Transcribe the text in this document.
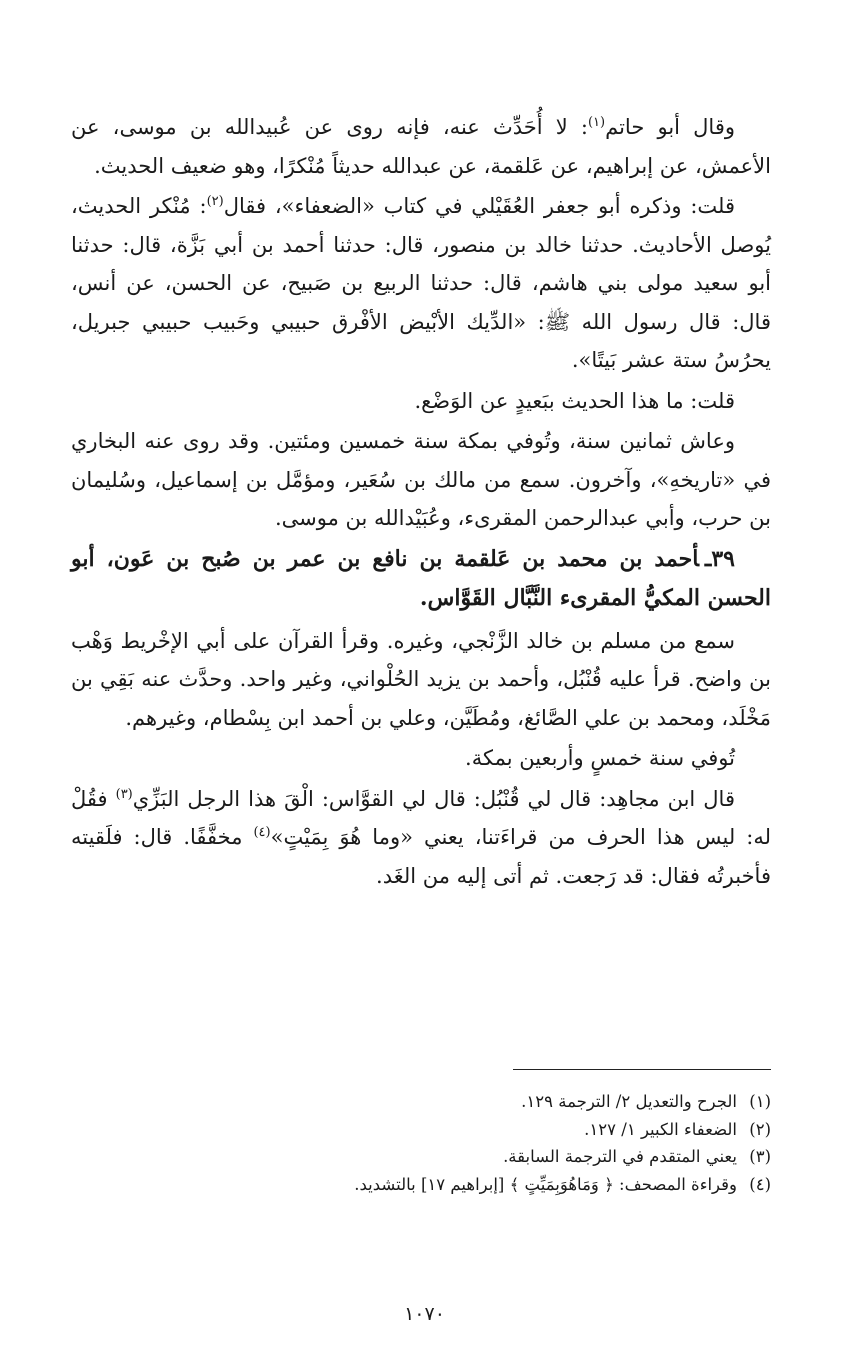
وقال أبو حاتم$^{(١)}$: لا أُحَدِّث عنه، فإنه روى عن عُبيدالله بن موسى، عن الأعمش، عن إبراهيم، عن عَلقمة، عن عبدالله حديثاً مُنْكرًا، وهو ضعيف الحديث.

قلت: وذكره أبو جعفر العُقَيْلي في كتاب «الضعفاء»، فقال$^{(٢)}$: مُنْكر الحديث، يُوصل الأحاديث. حدثنا خالد بن منصور، قال: حدثنا أحمد بن أبي بَزَّة، قال: حدثنا أبو سعيد مولى بني هاشم، قال: حدثنا الربيع بن صَبيح، عن الحسن، عن أنس، قال: قال رسول الله ﷺ: «الدِّيك الأبْيض الأفْرق حبيبي وحَبيب حبيبي جبريل، يحرُسُ ستة عشر بَيتًا».

قلت: ما هذا الحديث ببَعيدٍ عن الوَضْع.

وعاش ثمانين سنة، وتُوفي بمكة سنة خمسين ومئتين. وقد روى عنه البخاري في «تاريخهِ»، وآخرون. سمع من مالك بن سُعَير، ومؤمَّل بن إسماعيل، وسُليمان بن حرب، وأبي عبدالرحمن المقرىء، وعُبَيْدالله بن موسى.

٣٩ـأحمد بن محمد بن عَلقمة بن نافع بن عمر بن صُبح بن عَون، أبو الحسن المكيُّ المقرىء النَّبَّال القَوَّاس.

سمع من مسلم بن خالد الزَّنْجي، وغيره. وقرأ القرآن على أبي الإخْريط وَهْب بن واضح. قرأ عليه قُنْبُل، وأحمد بن يزيد الحُلْواني، وغير واحد. وحدَّث عنه بَقِي بن مَخْلَد، ومحمد بن علي الصَّائغ، ومُطَيَّن، وعلي بن أحمد ابن بِسْطام، وغيرهم.

تُوفي سنة خمسٍ وأربعين بمكة.

قال ابن مجاهِد: قال لي قُنْبُل: قال لي القوَّاس: الْقَ هذا الرجل البَزِّي$^{(٣)}$ فقُلْ له: ليس هذا الحرف من قراءَتنا، يعني «وما هُوَ بِمَيْتٍ»$^{(٤)}$ مخفَّفًا. قال: فلَقيته فأخبرتُه فقال: قد رَجعت. ثم أتى إليه من الغَد.

(١)
الجرح والتعديل ٢/ الترجمة ١٢٩.
(٢)
الضعفاء الكبير ١/ ١٢٧.
(٣)
يعني المتقدم في الترجمة السابقة.
(٤)
وقراءة المصحف: ﴿ وَمَاهُوَبِمَيِّتٍ ﴾ [إبراهيم ١٧] بالتشديد.
١٠٧٠
